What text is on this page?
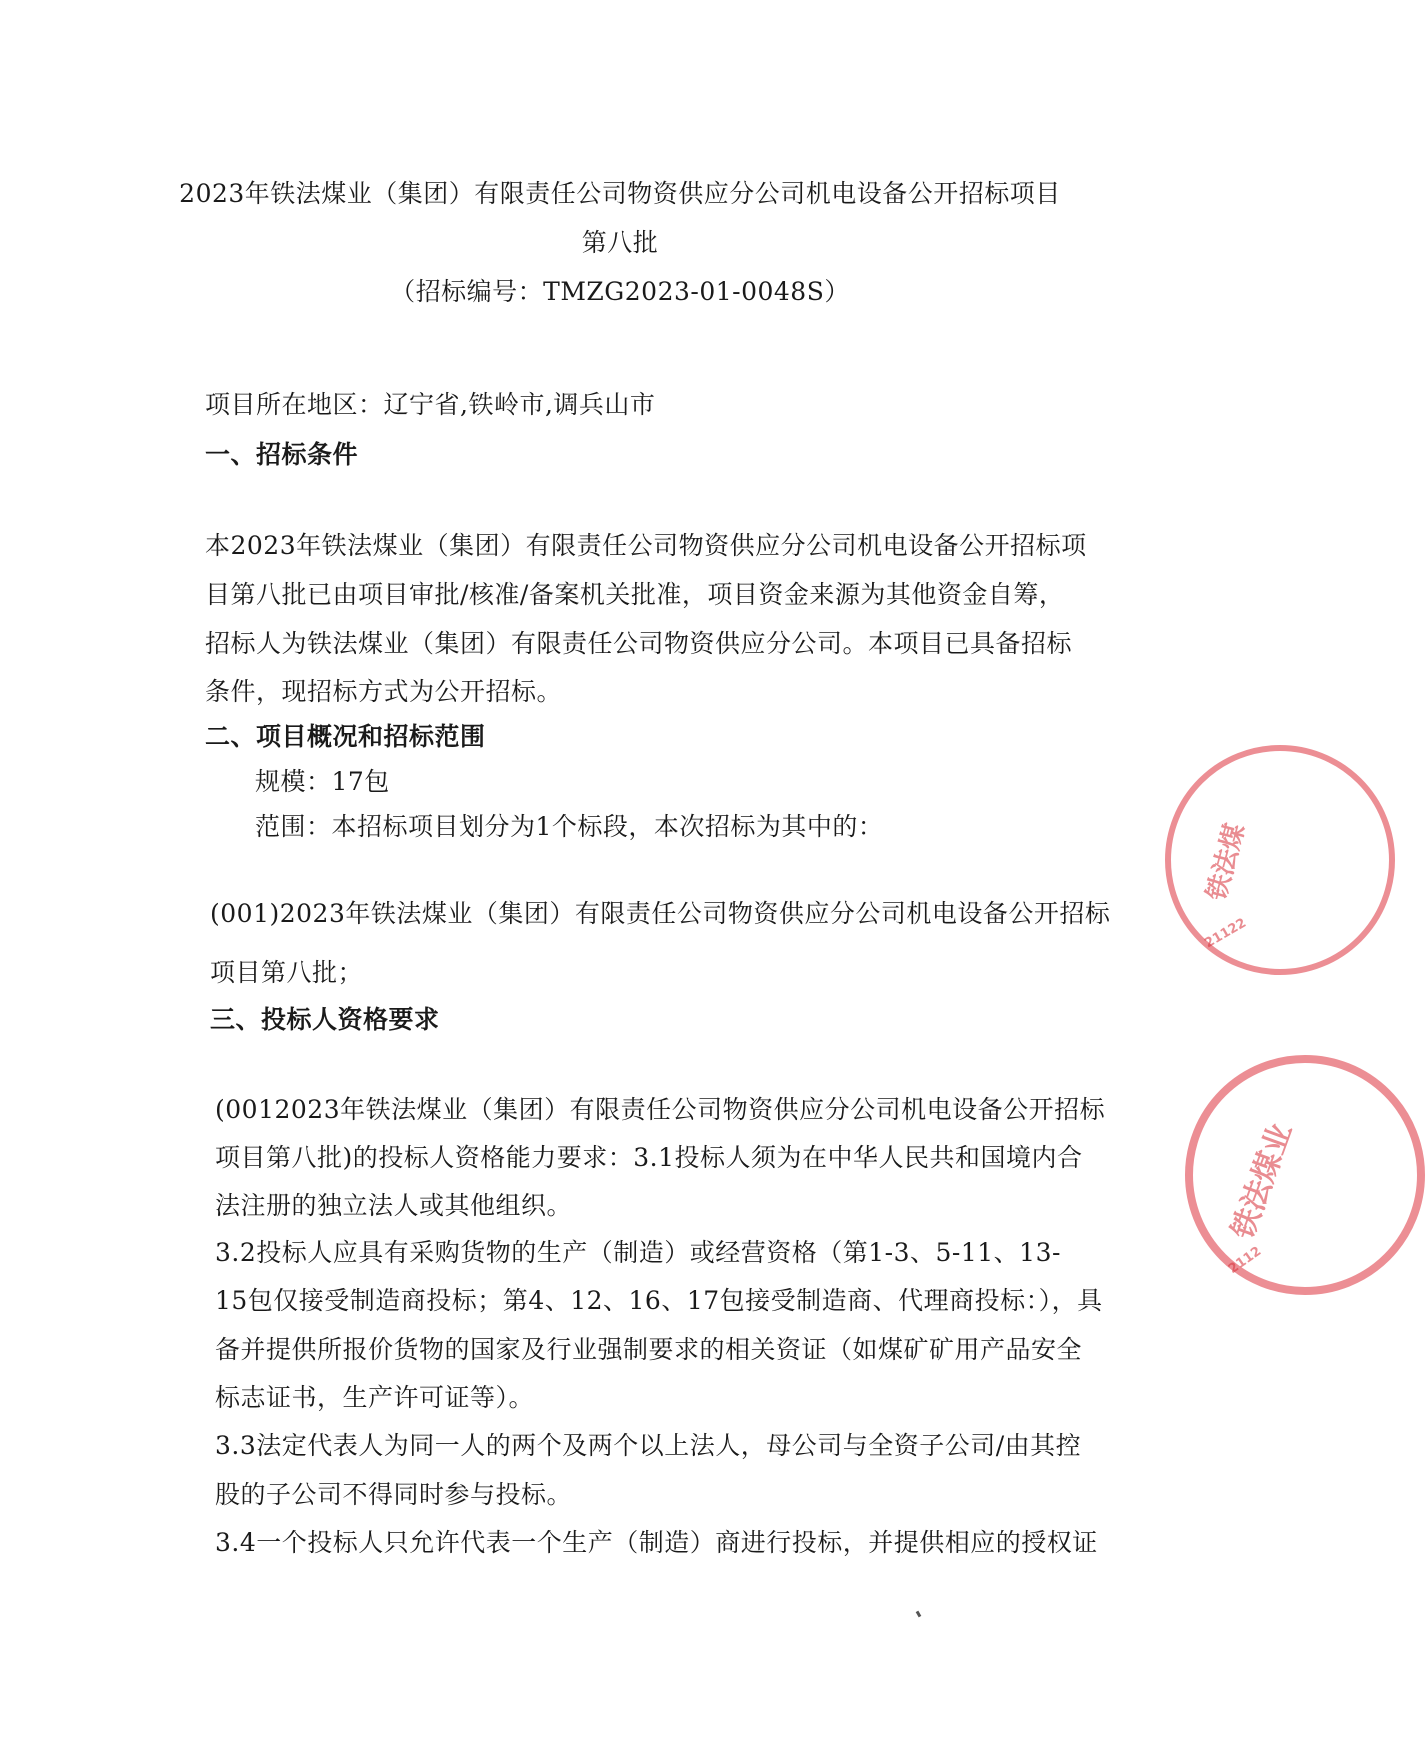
2023年铁法煤业（集团）有限责任公司物资供应分公司机电设备公开招标项目
第八批
（招标编号：TMZG2023-01-0048S）
项目所在地区：辽宁省,铁岭市,调兵山市
一、招标条件
本2023年铁法煤业（集团）有限责任公司物资供应分公司机电设备公开招标项
目第八批已由项目审批/核准/备案机关批准，项目资金来源为其他资金自筹，
招标人为铁法煤业（集团）有限责任公司物资供应分公司。本项目已具备招标
条件，现招标方式为公开招标。
二、项目概况和招标范围
规模：17包
范围：本招标项目划分为1个标段，本次招标为其中的：
(001)2023年铁法煤业（集团）有限责任公司物资供应分公司机电设备公开招标
项目第八批；
三、投标人资格要求
(0012023年铁法煤业（集团）有限责任公司物资供应分公司机电设备公开招标
项目第八批)的投标人资格能力要求：3.1投标人须为在中华人民共和国境内合
法注册的独立法人或其他组织。
3.2投标人应具有采购货物的生产（制造）或经营资格（第1-3、5-11、13-
15包仅接受制造商投标；第4、12、16、17包接受制造商、代理商投标：），具
备并提供所报价货物的国家及行业强制要求的相关资证（如煤矿矿用产品安全
标志证书，生产许可证等）。
3.3法定代表人为同一人的两个及两个以上法人，母公司与全资子公司/由其控
股的子公司不得同时参与投标。
3.4一个投标人只允许代表一个生产（制造）商进行投标，并提供相应的授权证
铁法煤
21122
铁法煤业
2112
